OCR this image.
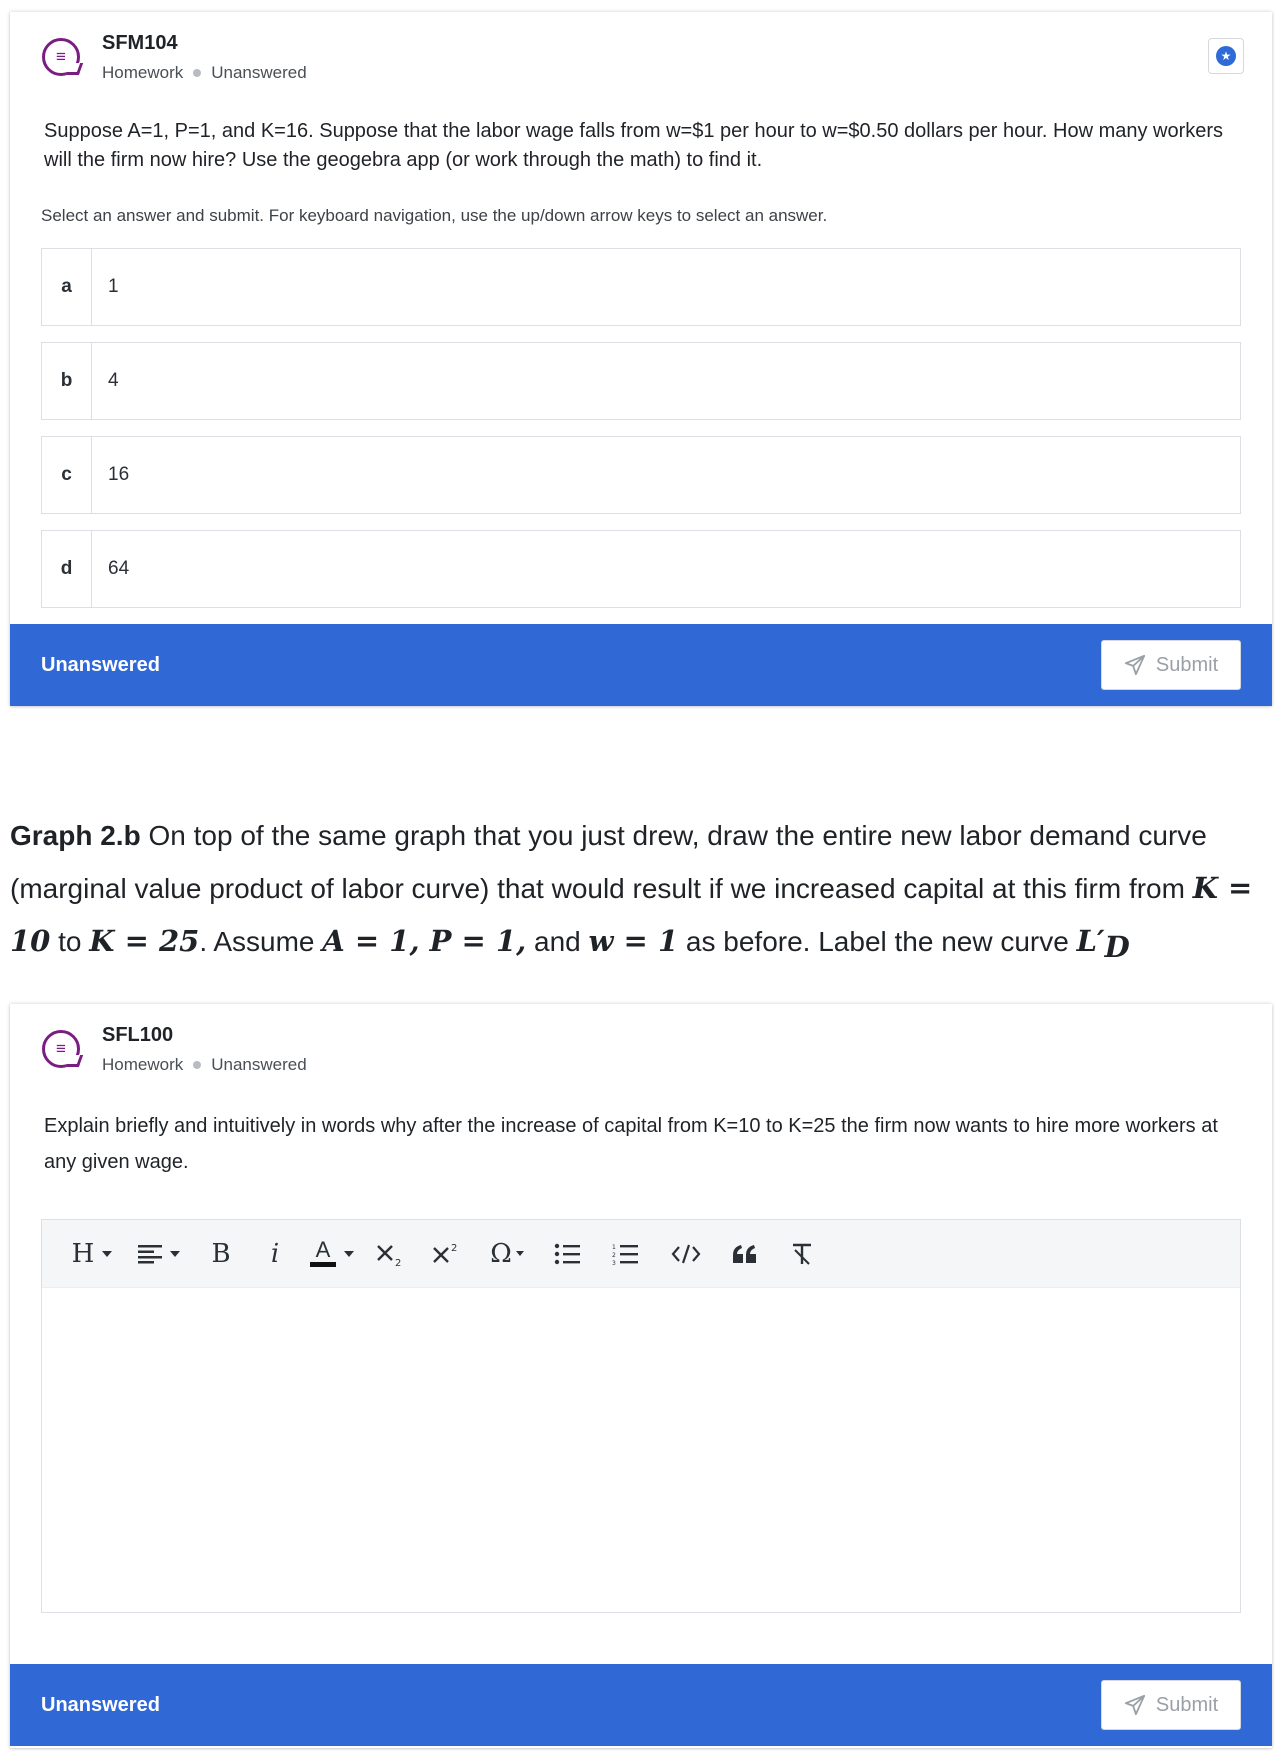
≡
SFM104
Homework Unanswered
★
Suppose A=1, P=1, and K=16. Suppose that the labor wage falls from w=$1 per hour to w=$0.50 dollars per hour. How many workers will the firm now hire? Use the geogebra app (or work through the math) to find it.
Select an answer and submit. For keyboard navigation, use the up/down arrow keys to select an answer.
a	1
b	4
c	16
d	64
Unanswered	Submit
Graph 2.b On top of the same graph that you just drew, draw the entire new labor demand curve (marginal value product of labor curve) that would result if we increased capital at this firm from K = 10 to K = 25. Assume A = 1, P = 1, and w = 1 as before. Label the new curve $L'_D$
≡
SFL100
Homework Unanswered
Explain briefly and intuitively in words why after the increase of capital from K=10 to K=25 the firm now wants to hire more workers at any given wage.
H	B i A
2
2 Ω	1
2
3
Unanswered	Submit
